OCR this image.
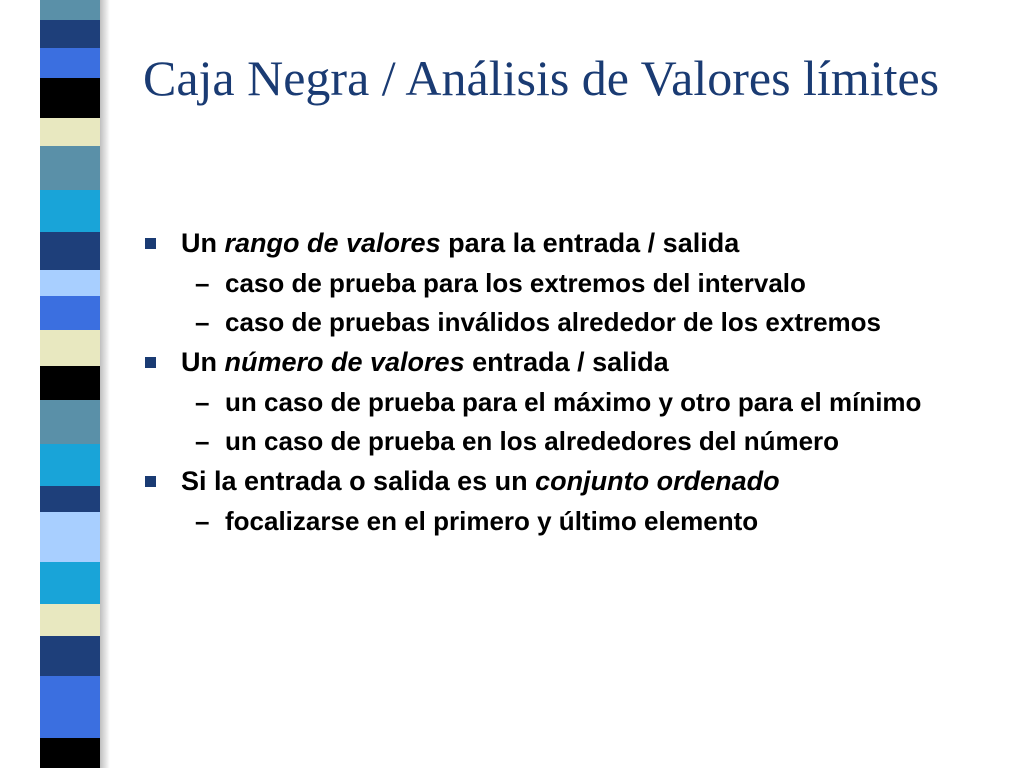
Caja Negra / Análisis de Valores límites
Un rango de valores para la entrada / salida
– caso de prueba para los extremos del intervalo
– caso de pruebas inválidos alrededor de los extremos
Un número de valores entrada / salida
– un caso de prueba para el máximo y otro para el mínimo
– un caso de prueba en los alrededores del número
Si la entrada o salida es un conjunto ordenado
– focalizarse en el primero y último elemento
